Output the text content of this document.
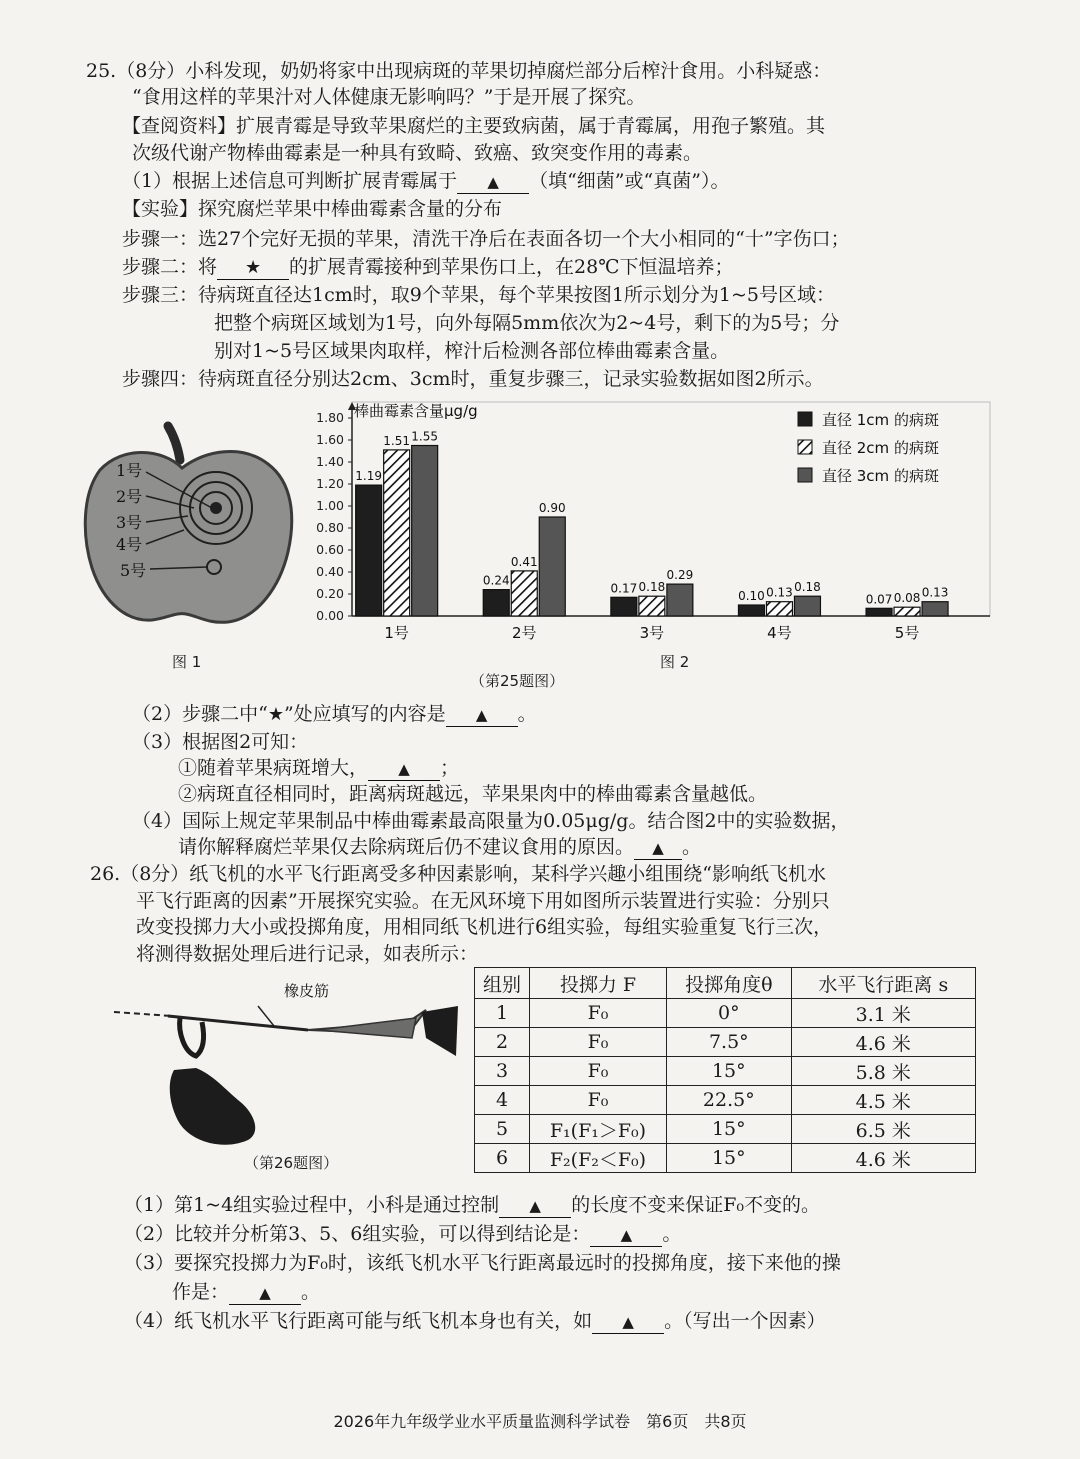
25.（8分）小科发现，奶奶将家中出现病斑的苹果切掉腐烂部分后榨汁食用。小科疑惑：
“食用这样的苹果汁对人体健康无影响吗？”于是开展了探究。
【查阅资料】扩展青霉是导致苹果腐烂的主要致病菌，属于青霉属，用孢子繁殖。其
次级代谢产物棒曲霉素是一种具有致畸、致癌、致突变作用的毒素。
（1）根据上述信息可判断扩展青霉属于 ▲ （填“细菌”或“真菌”）。
【实验】探究腐烂苹果中棒曲霉素含量的分布
步骤一：选27个完好无损的苹果，清洗干净后在表面各切一个大小相同的“十”字伤口；
步骤二：将 ★ 的扩展青霉接种到苹果伤口上，在28℃下恒温培养；
步骤三：待病斑直径达1cm时，取9个苹果，每个苹果按图1所示划分为1~5号区域：
把整个病斑区域划为1号，向外每隔5mm依次为2~4号，剩下的为5号；分
别对1~5号区域果肉取样，榨汁后检测各部位棒曲霉素含量。
步骤四：待病斑直径分别达2cm、3cm时，重复步骤三，记录实验数据如图2所示。
1号
2号
3号
4号
5号
0.00
0.20
0.40
0.60
0.80
1.00
1.20
1.40
1.60
1.80 棒曲霉素含量μg/g
1.19
1.51 1.55
1号
0.24
0.41
0.90
2号
0.17 0.18
0.29
3号
0.10 0.13 0.18
4号
0.07 0.08 0.13
5号
直径 1cm 的病斑
直径 2cm 的病斑
直径 3cm 的病斑
图 1	图 2
（第25题图）
（2）步骤二中“★”处应填写的内容是 ▲ 。
（3）根据图2可知：
①随着苹果病斑增大， ▲ ；
②病斑直径相同时，距离病斑越远，苹果果肉中的棒曲霉素含量越低。
（4）国际上规定苹果制品中棒曲霉素最高限量为0.05μg/g。结合图2中的实验数据，
请你解释腐烂苹果仅去除病斑后仍不建议食用的原因。 ▲ 。
26.（8分）纸飞机的水平飞行距离受多种因素影响，某科学兴趣小组围绕“影响纸飞机水
平飞行距离的因素”开展探究实验。在无风环境下用如图所示装置进行实验：分别只
改变投掷力大小或投掷角度，用相同纸飞机进行6组实验，每组实验重复飞行三次，
将测得数据处理后进行记录，如表所示：
橡皮筋
（第26题图）
组别	投掷力 F	投掷角度θ	水平飞行距离 s
1	F₀	0°	3.1 米
2	F₀	7.5°	4.6 米
3	F₀	15°	5.8 米
4	F₀	22.5°	4.5 米
5	F₁(F₁＞F₀)	15°	6.5 米
6	F₂(F₂＜F₀)	15°	4.6 米
（1）第1~4组实验过程中，小科是通过控制 ▲ 的长度不变来保证F₀不变的。
（2）比较并分析第3、5、6组实验，可以得到结论是： ▲ 。
（3）要探究投掷力为F₀时，该纸飞机水平飞行距离最远时的投掷角度，接下来他的操
作是： ▲ 。
（4）纸飞机水平飞行距离可能与纸飞机本身也有关，如 ▲ 。（写出一个因素）
2026年九年级学业水平质量监测科学试卷　第6页　共8页
